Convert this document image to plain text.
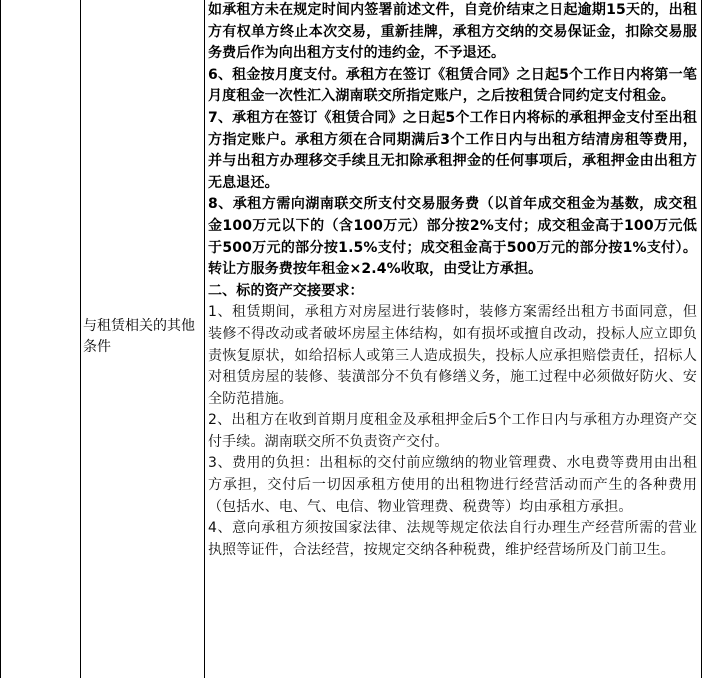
与租赁相关的其他条件

如承租方未在规定时间内签署前述文件，自竞价结束之日起逾期15天的，出租方有权单方终止本次交易，重新挂牌，承租方交纳的交易保证金，扣除交易服务费后作为向出租方支付的违约金，不予退还。

6、租金按月度支付。承租方在签订《租赁合同》之日起5个工作日内将第一笔月度租金一次性汇入湖南联交所指定账户，之后按租赁合同约定支付租金。

7、承租方在签订《租赁合同》之日起5个工作日内将标的承租押金支付至出租方指定账户。承租方须在合同期满后3个工作日内与出租方结清房租等费用，并与出租方办理移交手续且无扣除承租押金的任何事项后，承租押金由出租方无息退还。

8、承租方需向湖南联交所支付交易服务费（以首年成交租金为基数，成交租金100万元以下的（含100万元）部分按2%支付；成交租金高于100万元低于500万元的部分按1.5%支付；成交租金高于500万元的部分按1%支付）。转让方服务费按年租金×2.4%收取，由受让方承担。

二、标的资产交接要求：

1、租赁期间，承租方对房屋进行装修时，装修方案需经出租方书面同意，但装修不得改动或者破坏房屋主体结构，如有损坏或擅自改动，投标人应立即负责恢复原状，如给招标人或第三人造成损失，投标人应承担赔偿责任，招标人对租赁房屋的装修、装潢部分不负有修缮义务，施工过程中必须做好防火、安全防范措施。

2、出租方在收到首期月度租金及承租押金后5个工作日内与承租方办理资产交付手续。湖南联交所不负责资产交付。

3、费用的负担：出租标的交付前应缴纳的物业管理费、水电费等费用由出租方承担，交付后一切因承租方使用的出租物进行经营活动而产生的各种费用（包括水、电、气、电信、物业管理费、税费等）均由承租方承担。

4、意向承租方须按国家法律、法规等规定依法自行办理生产经营所需的营业执照等证件，合法经营，按规定交纳各种税费，维护经营场所及门前卫生。
